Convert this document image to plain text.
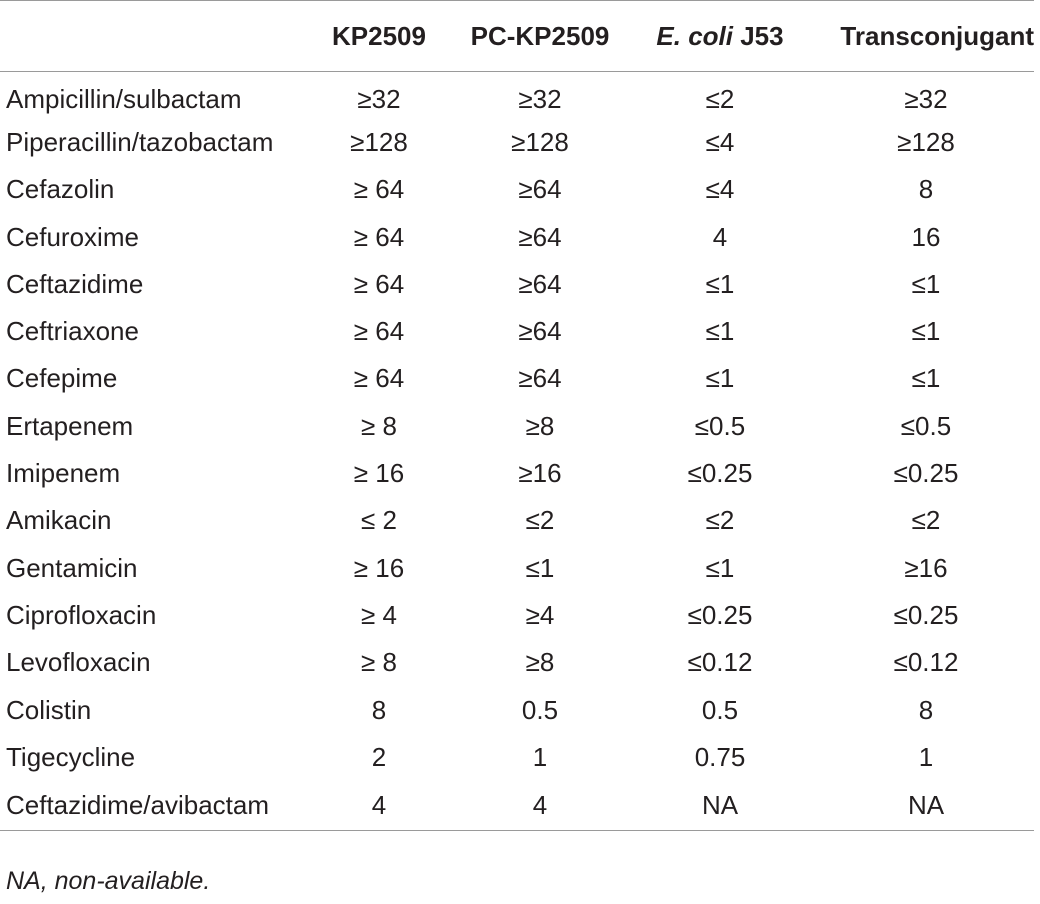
	KP2509	PC-KP2509	E. coli J53	Transconjugant
Ampicillin/sulbactam	≥32	≥32	≤2	≥32
Piperacillin/tazobactam	≥128	≥128	≤4	≥128
Cefazolin	≥ 64	≥64	≤4	8
Cefuroxime	≥ 64	≥64	4	16
Ceftazidime	≥ 64	≥64	≤1	≤1
Ceftriaxone	≥ 64	≥64	≤1	≤1
Cefepime	≥ 64	≥64	≤1	≤1
Ertapenem	≥ 8	≥8	≤0.5	≤0.5
Imipenem	≥ 16	≥16	≤0.25	≤0.25
Amikacin	≤ 2	≤2	≤2	≤2
Gentamicin	≥ 16	≤1	≤1	≥16
Ciprofloxacin	≥ 4	≥4	≤0.25	≤0.25
Levofloxacin	≥ 8	≥8	≤0.12	≤0.12
Colistin	8	0.5	0.5	8
Tigecycline	2	1	0.75	1
Ceftazidime/avibactam	4	4	NA	NA
NA, non-available.
